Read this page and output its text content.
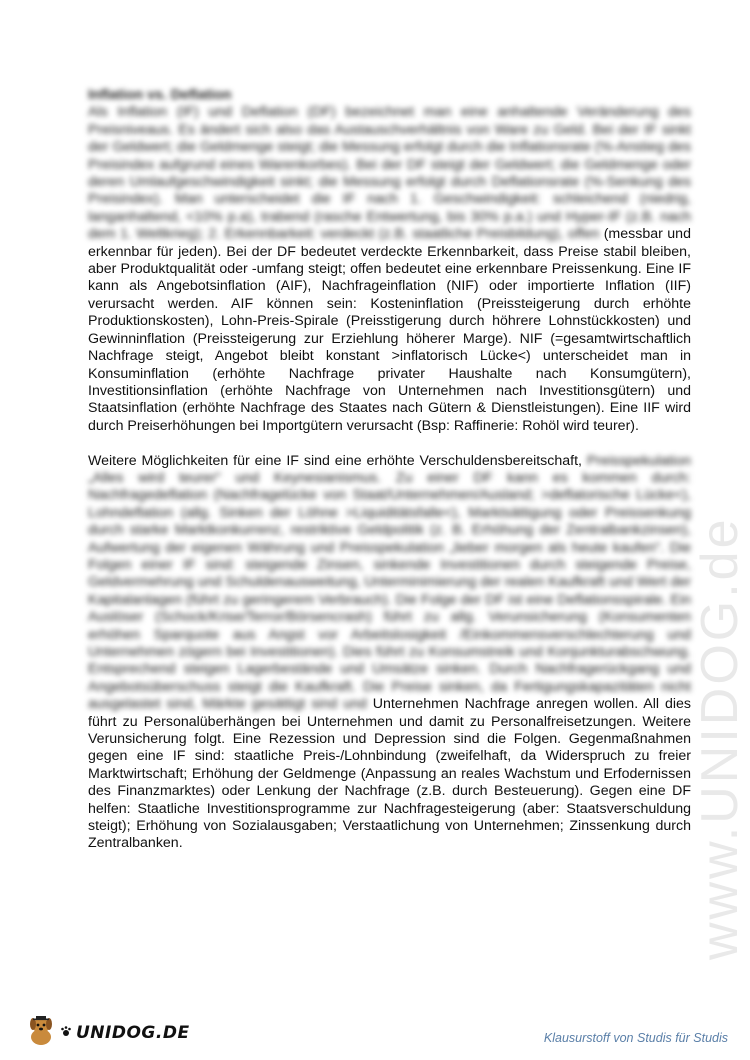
www.UNIDOG.de

Inflation vs. Deflation
Als Inflation (IF) und Deflation (DF) bezeichnet man eine anhaltende Veränderung des Preisniveaus. Es ändert sich also das Austauschverhältnis von Ware zu Geld. Bei der IF sinkt der Geldwert; die Geldmenge steigt; die Messung erfolgt durch die Inflationsrate (%-Anstieg des Preisindex aufgrund eines Warenkorbes). Bei der DF steigt der Geldwert; die Geldmenge oder deren Umlaufgeschwindigkeit sinkt; die Messung erfolgt durch Deflationsrate (%-Senkung des Preisindex). Man unterscheidet die IF nach 1. Geschwindigkeit: schleichend (niedrig, langanhaltend, <10% p.a), trabend (rasche Entwertung, bis 30% p.a.) und Hyper-IF (z.B. nach dem 1. Weltkrieg); 2. Erkennbarkeit: verdeckt (z.B. staatliche Preisbildung), offen (messbar und erkennbar für jeden). Bei der DF bedeutet verdeckte Erkennbarkeit, dass Preise stabil bleiben, aber Produktqualität oder -umfang steigt; offen bedeutet eine erkennbare Preissenkung. Eine IF kann als Angebotsinflation (AIF), Nachfrageinflation (NIF) oder importierte Inflation (IIF) verursacht werden. AIF können sein: Kosteninflation (Preissteigerung durch erhöhte Produktionskosten), Lohn-Preis-Spirale (Preisstigerung durch höhrere Lohnstückkosten) und Gewinninflation (Preissteigerung zur Erziehlung höherer Marge). NIF (=gesamtwirtschaftlich Nachfrage steigt, Angebot bleibt konstant >inflatorisch Lücke<) unterscheidet man in Konsuminflation (erhöhte Nachfrage privater Haushalte nach Konsumgütern), Investitionsinflation (erhöhte Nachfrage von Unternehmen nach Investitionsgütern) und Staatsinflation (erhöhte Nachfrage des Staates nach Gütern & Dienstleistungen). Eine IIF wird durch Preiserhöhungen bei Importgütern verursacht (Bsp: Raffinerie: Rohöl wird teurer).

Weitere Möglichkeiten für eine IF sind eine erhöhte Verschuldensbereitschaft, Preisspekulation „Alles wird teurer“ und Keynesianismus. Zu einer DF kann es kommen durch: Nachfragedeflation (Nachfragelücke von Staat/Unternehmen/Ausland; >deflatorische Lücke<), Lohndeflation (allg. Sinken der Löhne >Liquiditätsfalle<), Marktsättigung oder Preissenkung durch starke Marktkonkurrenz, restriktive Geldpolitik (z. B. Erhöhung der Zentralbankzinsen), Aufwertung der eigenen Währung und Preisspekulation „lieber morgen als heute kaufen“. Die Folgen einer IF sind: steigende Zinsen, sinkende Investitionen durch steigende Preise, Geldvermehrung und Schuldenausweitung, Unterminimierung der realen Kaufkraft und Wert der Kapitalanlagen (führt zu geringerem Verbrauch). Die Folge der DF ist eine Deflationsspirale. Ein Auslöser (Schock/Krise/Terror/Börsencrash) führt zu allg. Verunsicherung (Konsumenten erhöhen Sparquote aus Angst vor Arbeitslosigkeit /Einkommensverschlechterung und Unternehmen zögern bei Investitionen). Dies führt zu Konsumstreik und Konjunkturabschwung. Entsprechend steigen Lagerbestände und Umsätze sinken. Durch Nachfragerückgang und Angebotsüberschuss steigt die Kaufkraft. Die Preise sinken, da Fertigungskapazitäten nicht ausgelastet sind, Märkte gesättigt sind und Unternehmen Nachfrage anregen wollen. All dies führt zu Personalüberhängen bei Unternehmen und damit zu Personalfreisetzungen. Weitere Verunsicherung folgt. Eine Rezession und Depression sind die Folgen. Gegenmaßnahmen gegen eine IF sind: staatliche Preis-/Lohnbindung (zweifelhaft, da Widerspruch zu freier Marktwirtschaft; Erhöhung der Geldmenge (Anpassung an reales Wachstum und Erfodernissen des Finanzmarktes) oder Lenkung der Nachfrage (z.B. durch Besteuerung). Gegen eine DF helfen: Staatliche Investitionsprogramme zur Nachfragesteigerung (aber: Staatsverschuldung steigt); Erhöhung von Sozialausgaben; Verstaatlichung von Unternehmen; Zinssenkung durch Zentralbanken.

UNIDOG.DE	Klausurstoff von Studis für Studis
